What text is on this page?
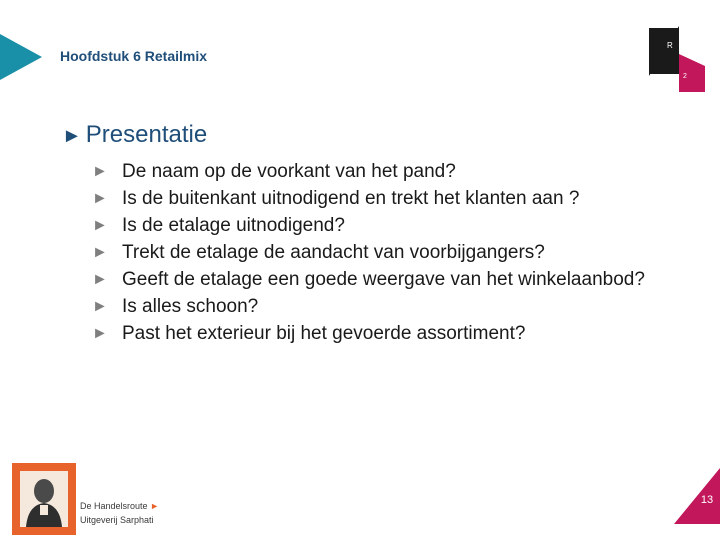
Hoofdstuk 6 Retailmix
R
2
► Presentatie
► De naam op de voorkant van het pand?
► Is de buitenkant uitnodigend en trekt het klanten aan ?
► Is de etalage uitnodigend?
► Trekt de etalage de aandacht van voorbijgangers?
► Geeft de etalage een goede weergave van het winkelaanbod?
► Is alles schoon?
► Past het exterieur bij het gevoerde assortiment?
De Handelsroute ►
Uitgeverij Sarphati
13
